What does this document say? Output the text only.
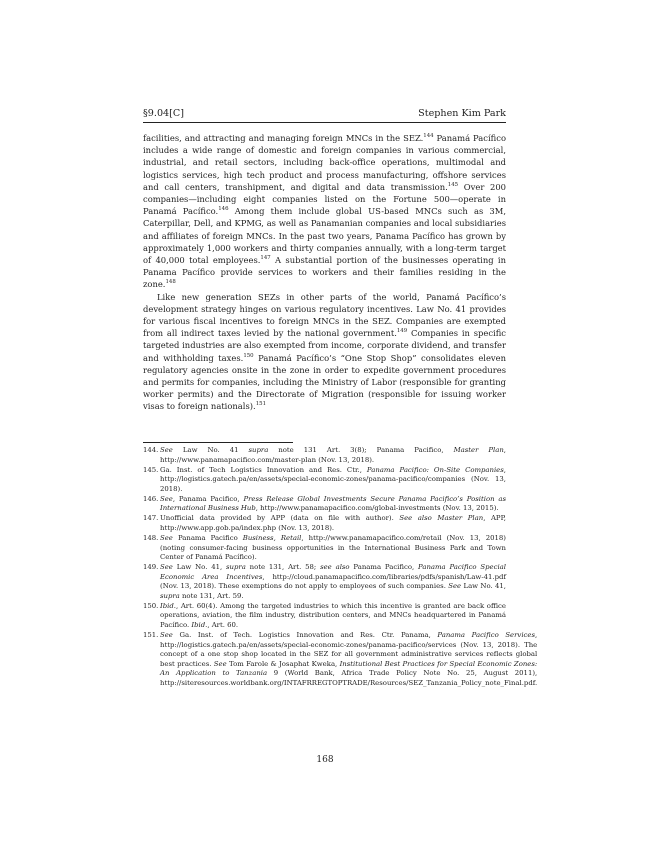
§9.04[C]	Stephen Kim Park

facilities, and attracting and managing foreign MNCs in the SEZ.$^{144}$ Panamá Pacífico includes a wide range of domestic and foreign companies in various commercial, industrial, and retail sectors, including back-office operations, multimodal and logistics services, high tech product and process manufacturing, offshore services and call centers, transhipment, and digital and data transmission.$^{145}$ Over 200 companies—including eight companies listed on the Fortune 500—operate in Panamá Pacífico.$^{146}$ Among them include global US-based MNCs such as 3M, Caterpillar, Dell, and KPMG, as well as Panamanian companies and local subsidiaries and affiliates of foreign MNCs. In the past two years, Panama Pacífico has grown by approximately 1,000 workers and thirty companies annually, with a long-term target of 40,000 total employees.$^{147}$ A substantial portion of the businesses operating in Panama Pacífico provide services to workers and their families residing in the zone.$^{148}$

Like new generation SEZs in other parts of the world, Panamá Pacífico’s development strategy hinges on various regulatory incentives. Law No. 41 provides for various fiscal incentives to foreign MNCs in the SEZ. Companies are exempted from all indirect taxes levied by the national government.$^{149}$ Companies in specific targeted industries are also exempted from income, corporate dividend, and transfer and withholding taxes.$^{150}$ Panamá Pacífico’s “One Stop Shop” consolidates eleven regulatory agencies onsite in the zone in order to expedite government procedures and permits for companies, including the Ministry of Labor (responsible for granting worker permits) and the Directorate of Migration (responsible for issuing worker visas to foreign nationals).$^{151}$

144. See Law No. 41 supra note 131 Art. 3(8); Panama Pacifico, Master Plan, http://www.panamapacifico.com/master-plan (Nov. 13, 2018).
145. Ga. Inst. of Tech Logistics Innovation and Res. Ctr., Panama Pacifico: On-Site Companies, http://logistics.gatech.pa/en/assets/special-economic-zones/panama-pacifico/companies (Nov. 13, 2018).
146. See, Panama Pacifico, Press Release Global Investments Secure Panama Pacifico’s Position as International Business Hub, http://www.panamapacifico.com/global-investments (Nov. 13, 2015).
147. Unofficial data provided by APP (data on file with author). See also Master Plan, APP, http://www.app.gob.pa/index.php (Nov. 13, 2018).
148. See Panama Pacifico Business, Retail, http://www.panamapacifico.com/retail (Nov. 13, 2018) (noting consumer-facing business opportunities in the International Business Park and Town Center of Panamá Pacífico).
149. See Law No. 41, supra note 131, Art. 58; see also Panama Pacifico, Panama Pacifico Special Economic Area Incentives, http://cloud.panamapacifico.com/libraries/pdfs/spanish/Law-41.pdf (Nov. 13, 2018). These exemptions do not apply to employees of such companies. See Law No. 41, supra note 131, Art. 59.
150. Ibid., Art. 60(4). Among the targeted industries to which this incentive is granted are back office operations, aviation, the film industry, distribution centers, and MNCs headquartered in Panamá Pacífico. Ibid., Art. 60.
151. See Ga. Inst. of Tech. Logistics Innovation and Res. Ctr. Panama, Panama Pacifico Services, http://logistics.gatech.pa/en/assets/special-economic-zones/panama-pacifico/services (Nov. 13, 2018). The concept of a one stop shop located in the SEZ for all government administrative services reflects global best practices. See Tom Farole & Josaphat Kweka, Institutional Best Practices for Special Economic Zones: An Application to Tanzania 9 (World Bank, Africa Trade Policy Note No. 25, August 2011), http://siteresources.worldbank.org/INTAFRREGTOPTRADE/Resources/SEZ_Tanzania_Policy_note_Final.pdf.
168
